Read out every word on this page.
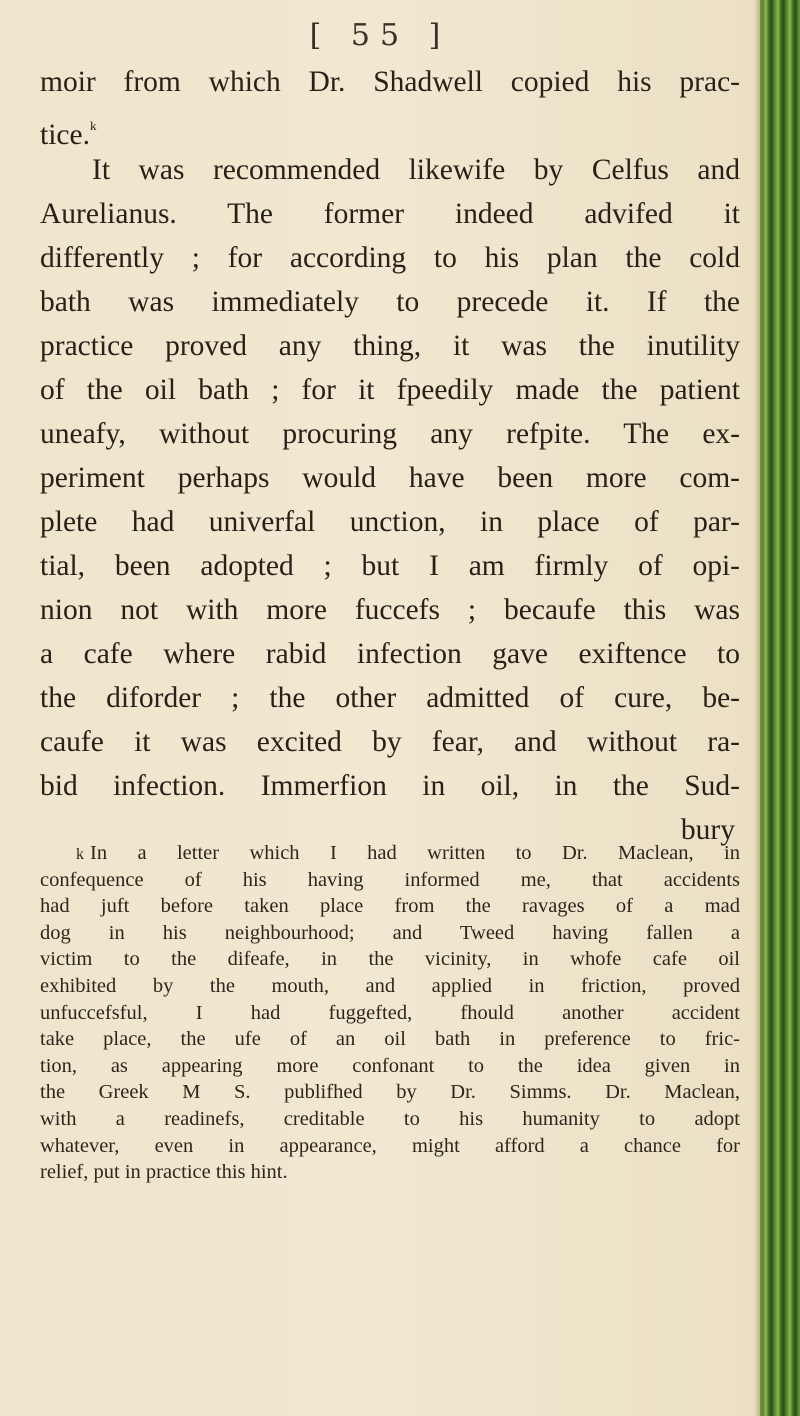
[ 55 ]
moir from which Dr. Shadwell copied his prac-
tice.$^k$
It was recommended likewife by Celfus and
Aurelianus. The former indeed advifed it
differently ; for according to his plan the cold
bath was immediately to precede it. If the
practice proved any thing, it was the inutility
of the oil bath ; for it fpeedily made the patient
uneafy, without procuring any refpite. The ex-
periment perhaps would have been more com-
plete had univerfal unction, in place of par-
tial, been adopted ; but I am firmly of opi-
nion not with more fuccefs ; becaufe this was
a cafe where rabid infection gave exiftence to
the diforder ; the other admitted of cure, be-
caufe it was excited by fear, and without ra-
bid infection. Immerfion in oil, in the Sud-
bury
k In a letter which I had written to Dr. Maclean, in
confequence of his having informed me, that accidents
had juft before taken place from the ravages of a mad
dog in his neighbourhood; and Tweed having fallen a
victim to the difeafe, in the vicinity, in whofe cafe oil
exhibited by the mouth, and applied in friction, proved
unfuccefsful, I had fuggefted, fhould another accident
take place, the ufe of an oil bath in preference to fric-
tion, as appearing more confonant to the idea given in
the Greek M S. publifhed by Dr. Simms. Dr. Maclean,
with a readinefs, creditable to his humanity to adopt
whatever, even in appearance, might afford a chance for
relief, put in practice this hint.
